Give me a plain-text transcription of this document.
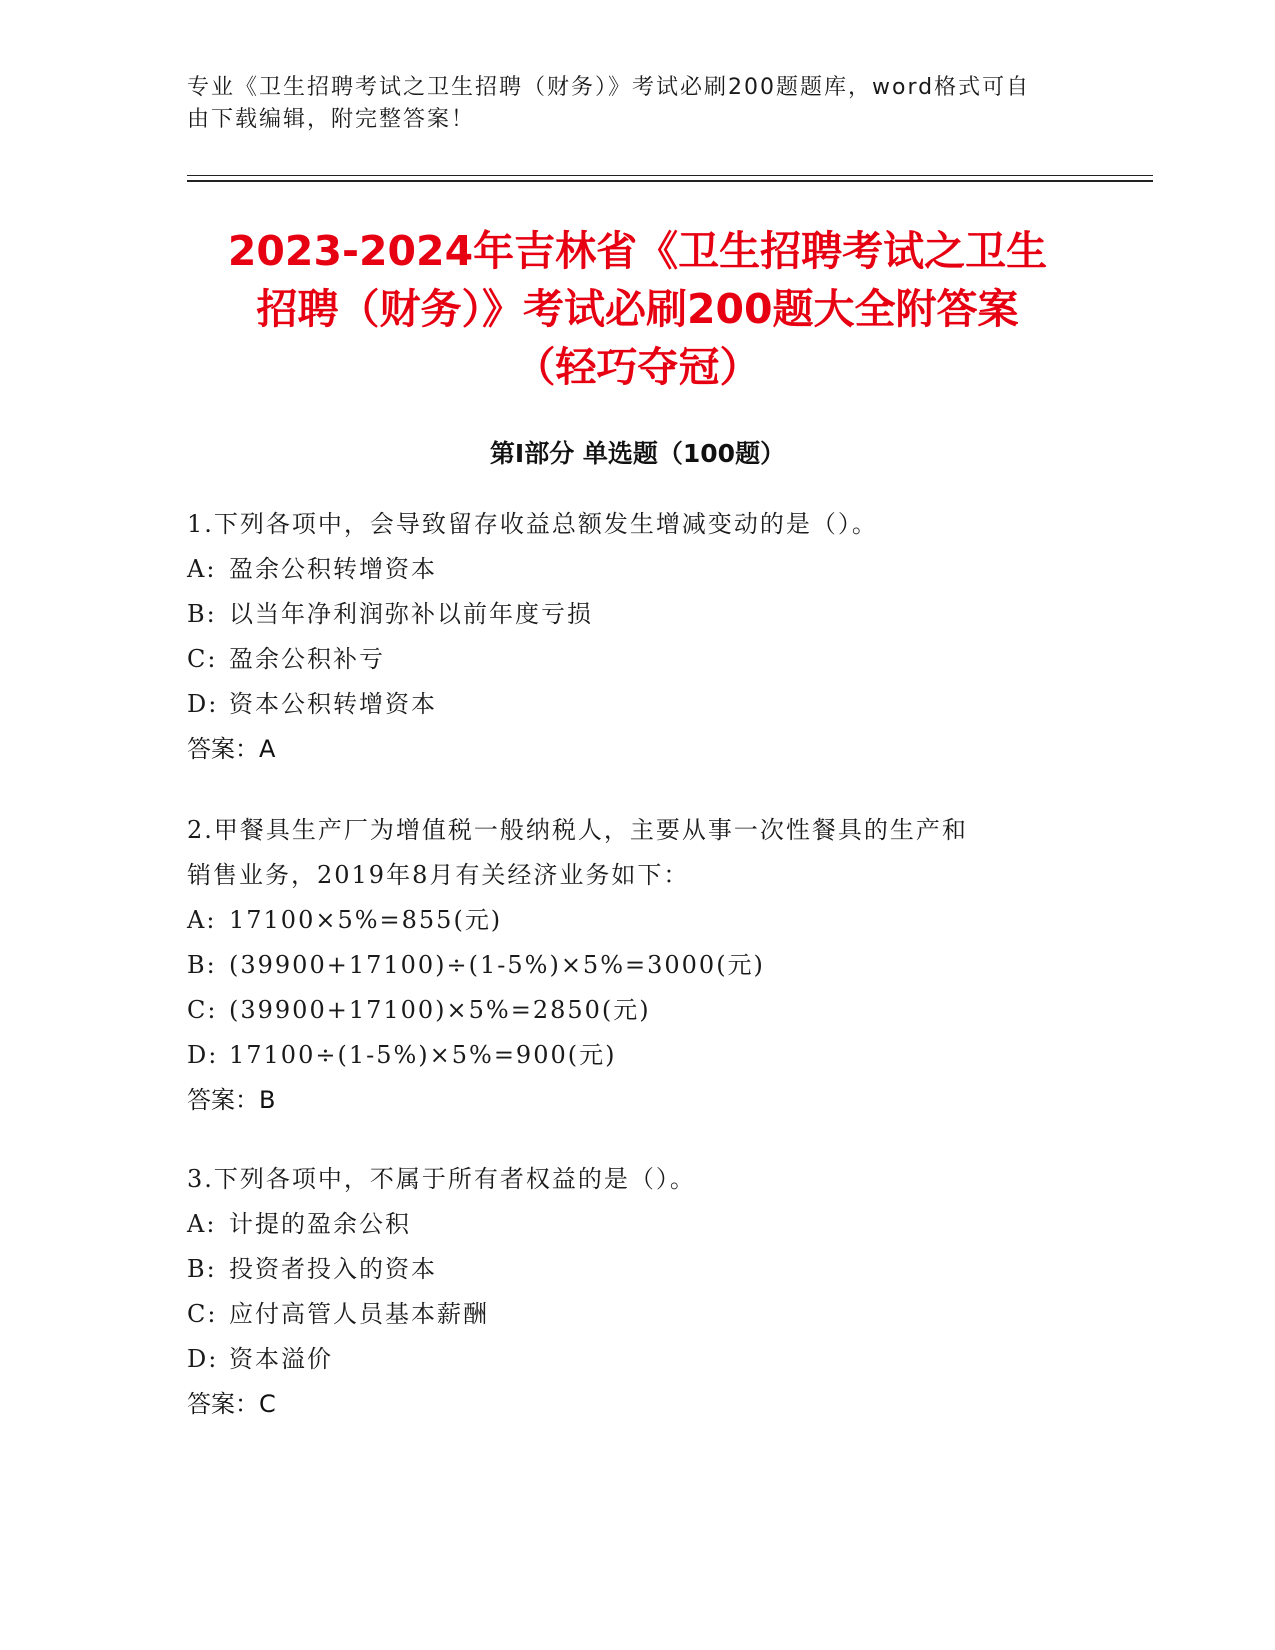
专业《卫生招聘考试之卫生招聘（财务）》考试必刷200题题库，word格式可自
由下载编辑，附完整答案！
2023-2024年吉林省《卫生招聘考试之卫生
招聘（财务）》考试必刷200题大全附答案
（轻巧夺冠）
第Ⅰ部分 单选题（100题）
1.下列各项中，会导致留存收益总额发生增减变动的是（）。
A: 盈余公积转增资本
B: 以当年净利润弥补以前年度亏损
C: 盈余公积补亏
D: 资本公积转增资本
答案：A
2.甲餐具生产厂为增值税一般纳税人，主要从事一次性餐具的生产和
销售业务，2019年8月有关经济业务如下：
A: 17100×5%=855(元)
B: (39900+17100)÷(1-5%)×5%=3000(元)
C: (39900+17100)×5%=2850(元)
D: 17100÷(1-5%)×5%=900(元)
答案：B
3.下列各项中，不属于所有者权益的是（）。
A: 计提的盈余公积
B: 投资者投入的资本
C: 应付高管人员基本薪酬
D: 资本溢价
答案：C
